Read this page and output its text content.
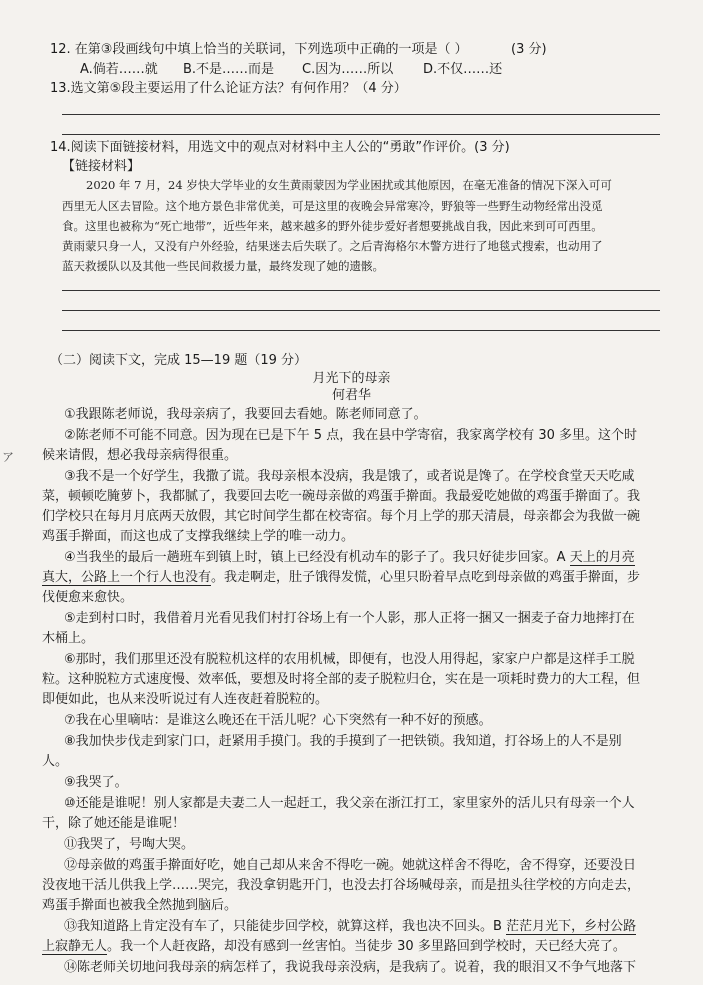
12. 在第③段画线句中填上恰当的关联词，下列选项中正确的一项是（ ）	(3 分)
A.倘若……就 B.不是……而是 C.因为……所以 D.不仅……还
13.选文第⑤段主要运用了什么论证方法？有何作用？（4 分）
14.阅读下面链接材料，用选文中的观点对材料中主人公的“勇敢”作评价。(3 分)
【链接材料】
2020 年 7 月，24 岁快大学毕业的女生黄雨蒙因为学业困扰或其他原因，在毫无准备的情况下深入可可
西里无人区去冒险。这个地方景色非常优美，可是这里的夜晚会异常寒冷，野狼等一些野生动物经常出没觅
食。这里也被称为“死亡地带”，近些年来，越来越多的野外徒步爱好者想要挑战自我，因此来到可可西里。
黄雨蒙只身一人，又没有户外经验，结果迷去后失联了。之后青海格尔木警方进行了地毯式搜索，也动用了
蓝天救援队以及其他一些民间救援力量，最终发现了她的遗骸。
（二）阅读下文，完成 15—19 题（19 分）
月光下的母亲
何君华
①我跟陈老师说，我母亲病了，我要回去看她。陈老师同意了。
②陈老师不可能不同意。因为现在已是下午 5 点，我在县中学寄宿，我家离学校有 30 多里。这个时
候来请假，想必我母亲病得很重。
③我不是一个好学生，我撒了谎。我母亲根本没病，我是饿了，或者说是馋了。在学校食堂天天吃咸
菜，顿顿吃腌萝卜，我都腻了，我要回去吃一碗母亲做的鸡蛋手擀面。我最爱吃她做的鸡蛋手擀面了。我
们学校只在每月月底两天放假，其它时间学生都在校寄宿。每个月上学的那天清晨，母亲都会为我做一碗
鸡蛋手擀面，而这也成了支撑我继续上学的唯一动力。
④当我坐的最后一趟班车到镇上时，镇上已经没有机动车的影子了。我只好徒步回家。A 天上的月亮
真大，公路上一个行人也没有。我走啊走，肚子饿得发慌，心里只盼着早点吃到母亲做的鸡蛋手擀面，步
伐便愈来愈快。
⑤走到村口时，我借着月光看见我们村打谷场上有一个人影，那人正将一捆又一捆麦子奋力地摔打在
木桶上。
⑥那时，我们那里还没有脱粒机这样的农用机械，即便有，也没人用得起，家家户户都是这样手工脱
粒。这种脱粒方式速度慢、效率低，要想及时将全部的麦子脱粒归仓，实在是一项耗时费力的大工程，但
即便如此，也从来没听说过有人连夜赶着脱粒的。
⑦我在心里嘀咕：是谁这么晚还在干活儿呢？心下突然有一种不好的预感。
⑧我加快步伐走到家门口，赶紧用手摸门。我的手摸到了一把铁锁。我知道，打谷场上的人不是别
人。
⑨我哭了。
⑩还能是谁呢！别人家都是夫妻二人一起赶工，我父亲在浙江打工，家里家外的活儿只有母亲一个人
干，除了她还能是谁呢！
⑪我哭了，号啕大哭。
⑫母亲做的鸡蛋手擀面好吃，她自己却从来舍不得吃一碗。她就这样舍不得吃，舍不得穿，还要没日
没夜地干活儿供我上学……哭完，我没拿钥匙开门，也没去打谷场喊母亲，而是扭头往学校的方向走去，
鸡蛋手擀面也被我全然抛到脑后。
⑬我知道路上肯定没有车了，只能徒步回学校，就算这样，我也决不回头。B 茫茫月光下，乡村公路
上寂静无人。我一个人赶夜路，却没有感到一丝害怕。当徒步 30 多里路回到学校时，天已经大亮了。
⑭陈老师关切地问我母亲的病怎样了，我说我母亲没病，是我病了。说着，我的眼泪又不争气地落下
ア
